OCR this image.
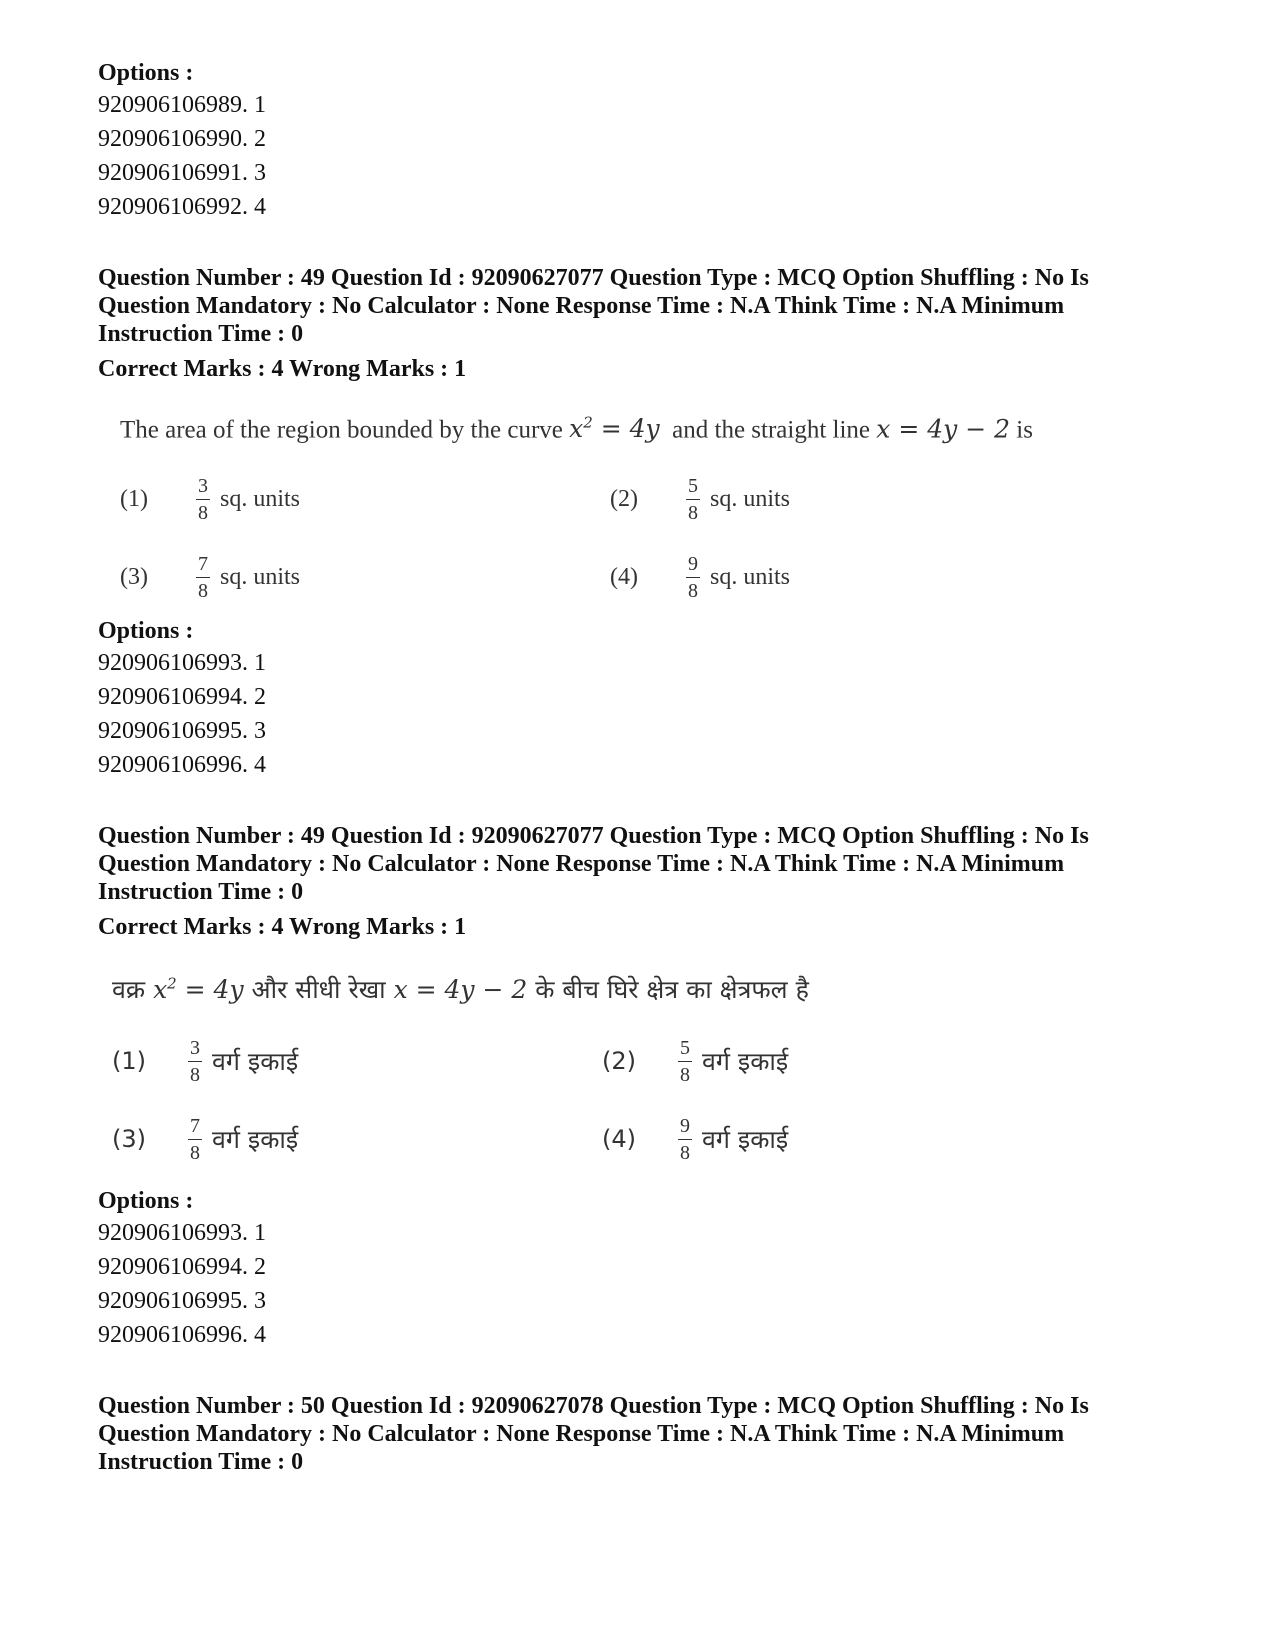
Options :
920906106989. 1
920906106990. 2
920906106991. 3
920906106992. 4
Question Number : 49 Question Id : 92090627077 Question Type : MCQ Option Shuffling : No Is Question Mandatory : No Calculator : None Response Time : N.A Think Time : N.A Minimum Instruction Time : 0
Correct Marks : 4 Wrong Marks : 1
The area of the region bounded by the curve $x^2 = 4y$ and the straight line x = 4y − 2 is
(1)	$\frac{3}{8}$ sq. units	(2)	$\frac{5}{8}$ sq. units
(3)	$\frac{7}{8}$ sq. units	(4)	$\frac{9}{8}$ sq. units
Options :
920906106993. 1
920906106994. 2
920906106995. 3
920906106996. 4
Question Number : 49 Question Id : 92090627077 Question Type : MCQ Option Shuffling : No Is Question Mandatory : No Calculator : None Response Time : N.A Think Time : N.A Minimum Instruction Time : 0
Correct Marks : 4 Wrong Marks : 1
वक्र $x^2 = 4y$ और सीधी रेखा x = 4y − 2 के बीच घिरे क्षेत्र का क्षेत्रफल है
(1)	$\frac{3}{8}$ वर्ग इकाई	(2)	$\frac{5}{8}$ वर्ग इकाई
(3)	$\frac{7}{8}$ वर्ग इकाई	(4)	$\frac{9}{8}$ वर्ग इकाई
Options :
920906106993. 1
920906106994. 2
920906106995. 3
920906106996. 4
Question Number : 50 Question Id : 92090627078 Question Type : MCQ Option Shuffling : No Is Question Mandatory : No Calculator : None Response Time : N.A Think Time : N.A Minimum Instruction Time : 0
